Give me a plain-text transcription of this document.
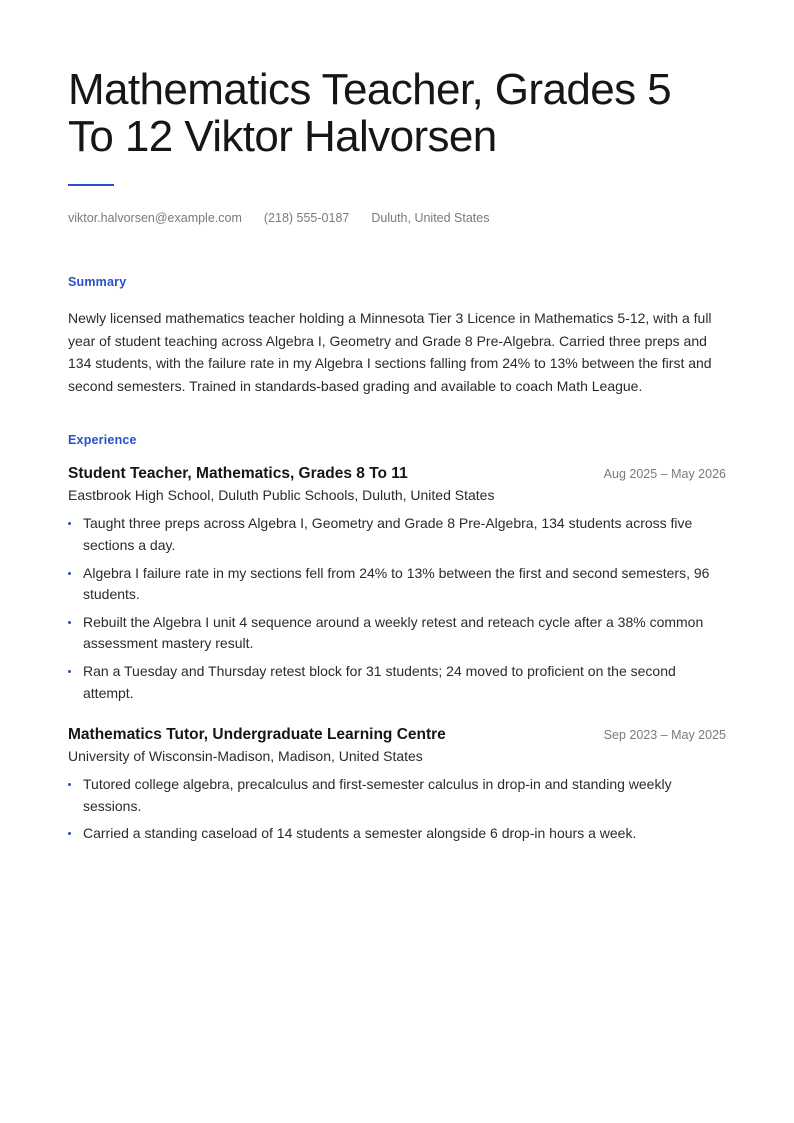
Mathematics Teacher, Grades 5 To 12 Viktor Halvorsen
viktor.halvorsen@example.com (218) 555-0187 Duluth, United States
Summary

Newly licensed mathematics teacher holding a Minnesota Tier 3 Licence in Mathematics 5-12, with a full year of student teaching across Algebra I, Geometry and Grade 8 Pre-Algebra. Carried three preps and 134 students, with the failure rate in my Algebra I sections falling from 24% to 13% between the first and second semesters. Trained in standards-based grading and available to coach Math League.

Experience
Student Teacher, Mathematics, Grades 8 To 11	Aug 2025 – May 2026
Eastbrook High School, Duluth Public Schools, Duluth, United States
Taught three preps across Algebra I, Geometry and Grade 8 Pre-Algebra, 134 students across five sections a day.
Algebra I failure rate in my sections fell from 24% to 13% between the first and second semesters, 96 students.
Rebuilt the Algebra I unit 4 sequence around a weekly retest and reteach cycle after a 38% common assessment mastery result.
Ran a Tuesday and Thursday retest block for 31 students; 24 moved to proficient on the second attempt.
Mathematics Tutor, Undergraduate Learning Centre	Sep 2023 – May 2025
University of Wisconsin-Madison, Madison, United States
Tutored college algebra, precalculus and first-semester calculus in drop-in and standing weekly sessions.
Carried a standing caseload of 14 students a semester alongside 6 drop-in hours a week.
